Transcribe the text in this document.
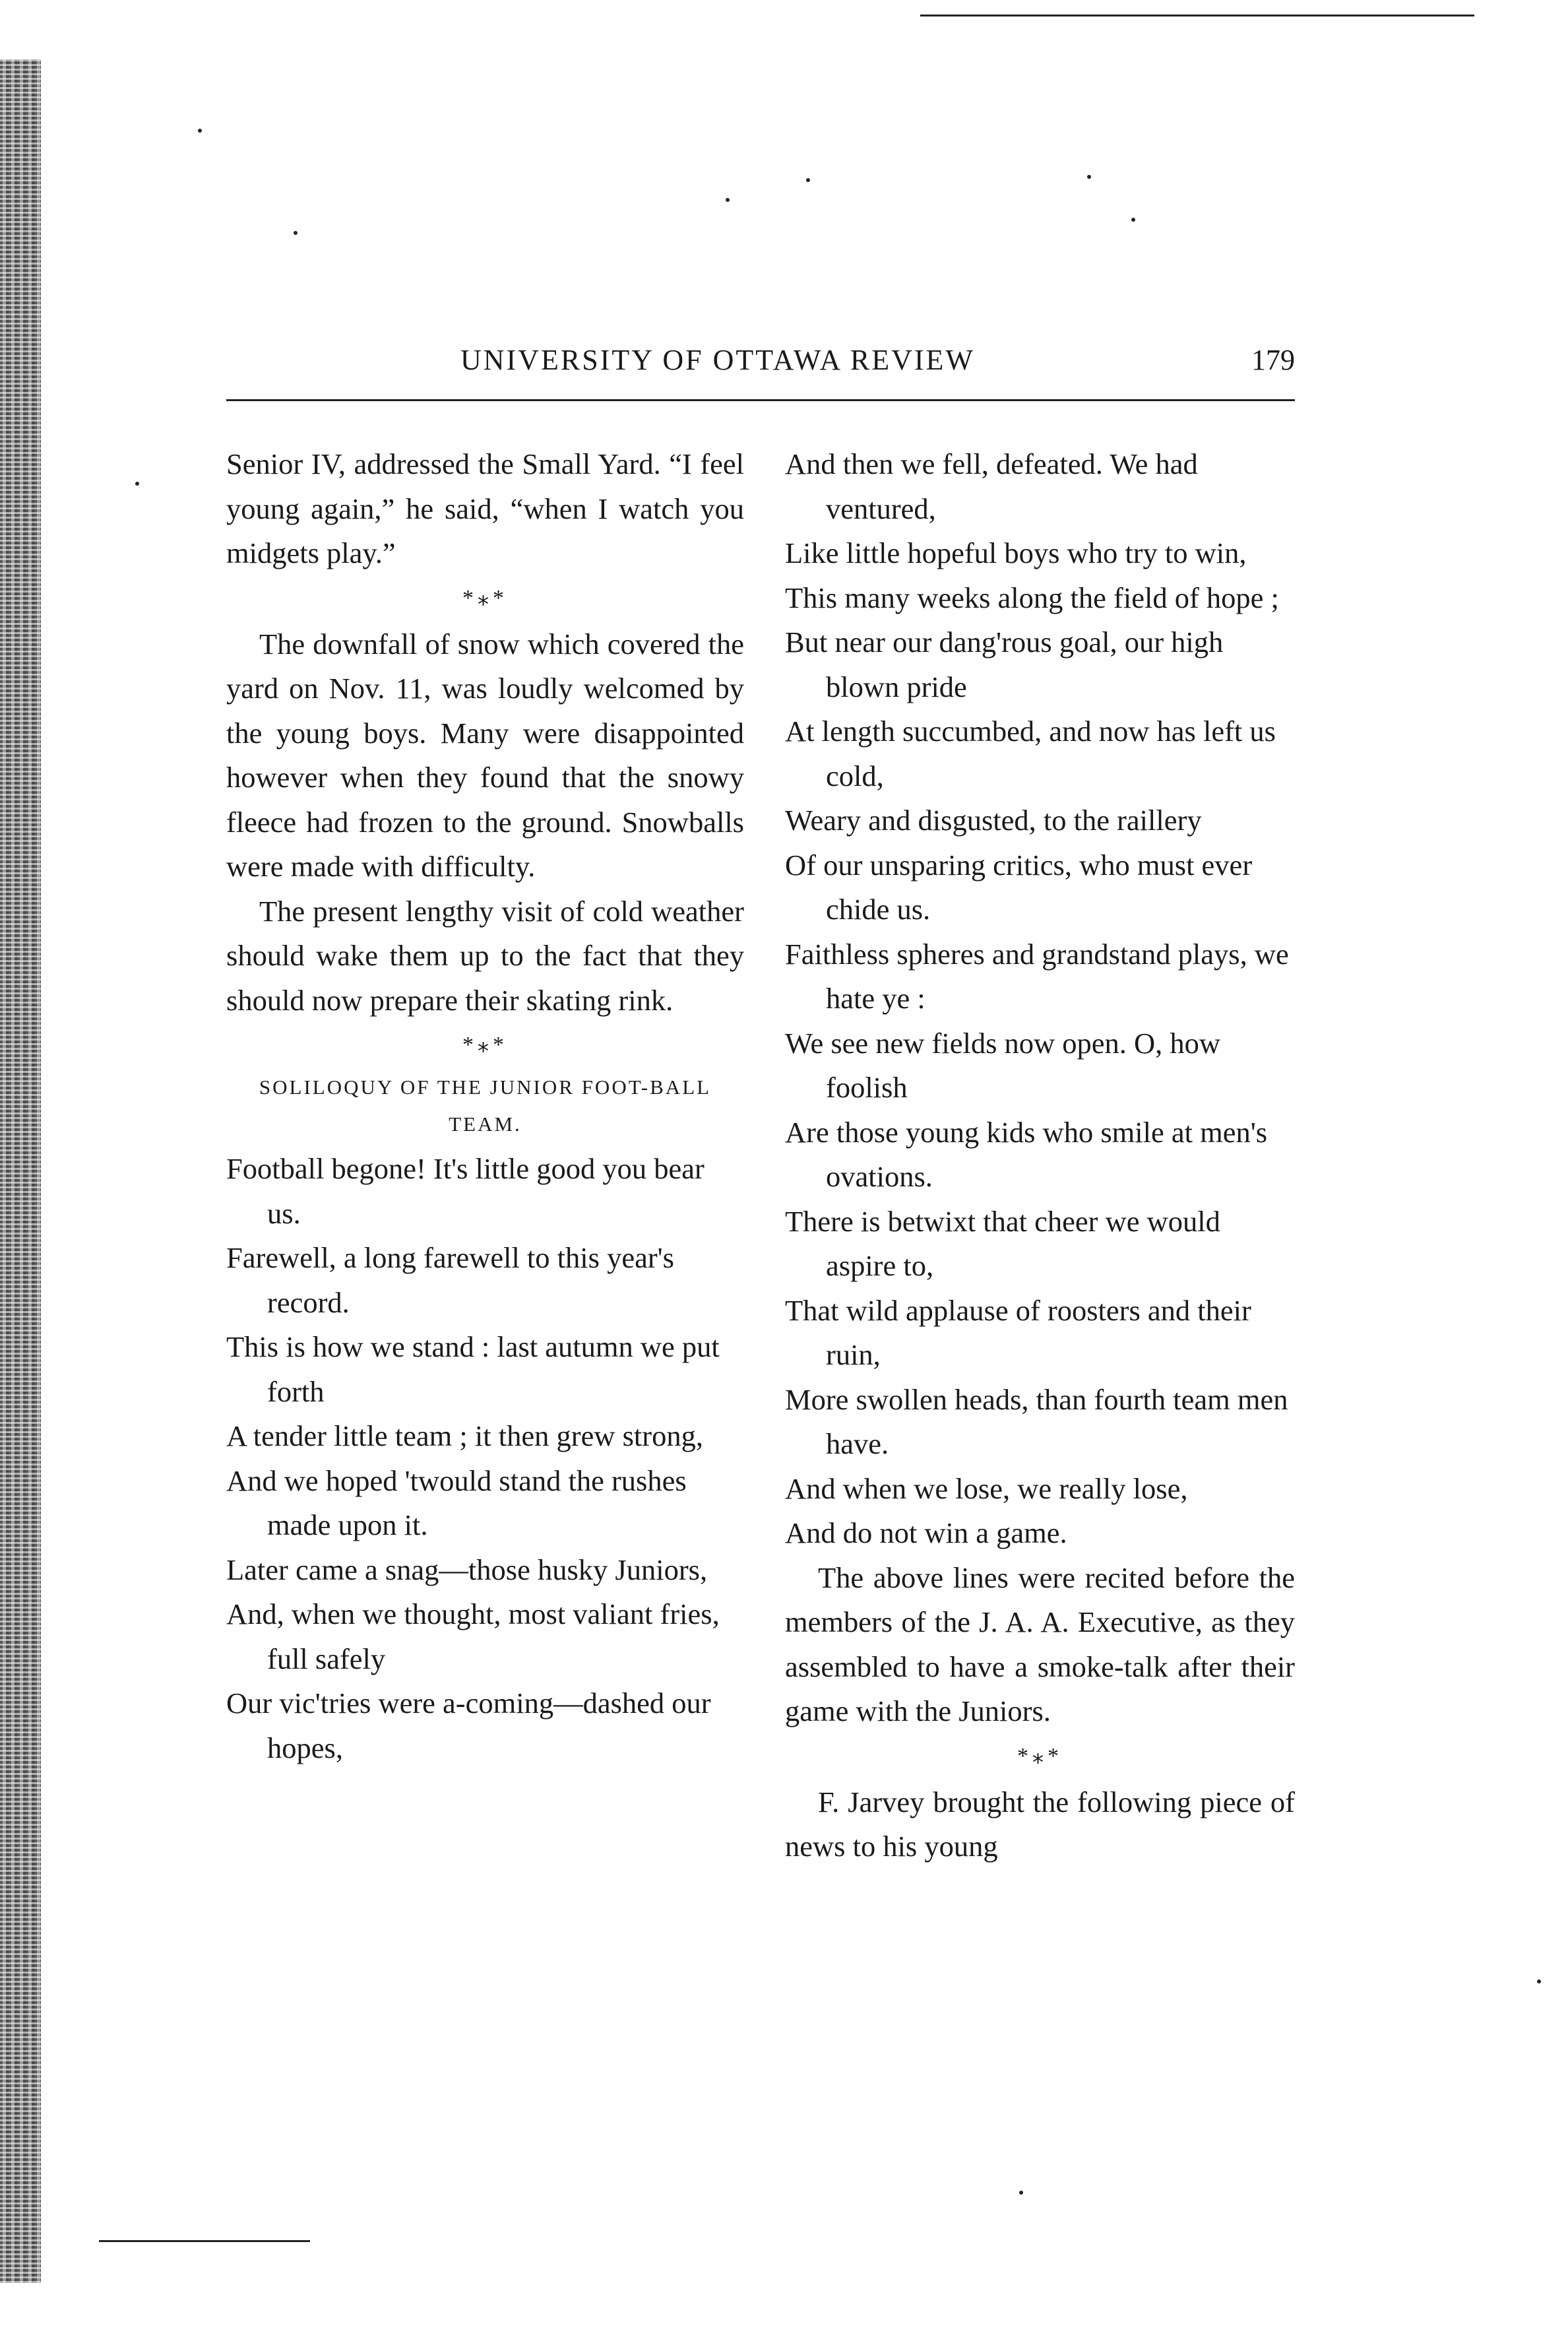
UNIVERSITY OF OTTAWA REVIEW	179

Senior IV, addressed the Small Yard. “I feel young again,” he said, “when I watch you midgets play.”

*⁎*

The downfall of snow which covered the yard on Nov. 11, was loudly welcomed by the young boys. Many were disappointed however when they found that the snowy fleece had frozen to the ground. Snowballs were made with difficulty.

The present lengthy visit of cold weather should wake them up to the fact that they should now prepare their skating rink.

*⁎*
SOLILOQUY OF THE JUNIOR FOOT-BALL TEAM.

Football begone! It's little good you bear us.

Farewell, a long farewell to this year's record.

This is how we stand : last autumn we put forth

A tender little team ; it then grew strong,

And we hoped 'twould stand the rushes made upon it.

Later came a snag—those husky Juniors,

And, when we thought, most valiant fries, full safely

Our vic'tries were a-coming—dashed our hopes,

And then we fell, defeated. We had ventured,

Like little hopeful boys who try to win,

This many weeks along the field of hope ;

But near our dang'rous goal, our high blown pride

At length succumbed, and now has left us cold,

Weary and disgusted, to the raillery

Of our unsparing critics, who must ever chide us.

Faithless spheres and grandstand plays, we hate ye :

We see new fields now open. O, how foolish

Are those young kids who smile at men's ovations.

There is betwixt that cheer we would aspire to,

That wild applause of roosters and their ruin,

More swollen heads, than fourth team men have.

And when we lose, we really lose,

And do not win a game.

The above lines were recited before the members of the J. A. A. Executive, as they assembled to have a smoke-talk after their game with the Juniors.

*⁎*

F. Jarvey brought the following piece of news to his young
